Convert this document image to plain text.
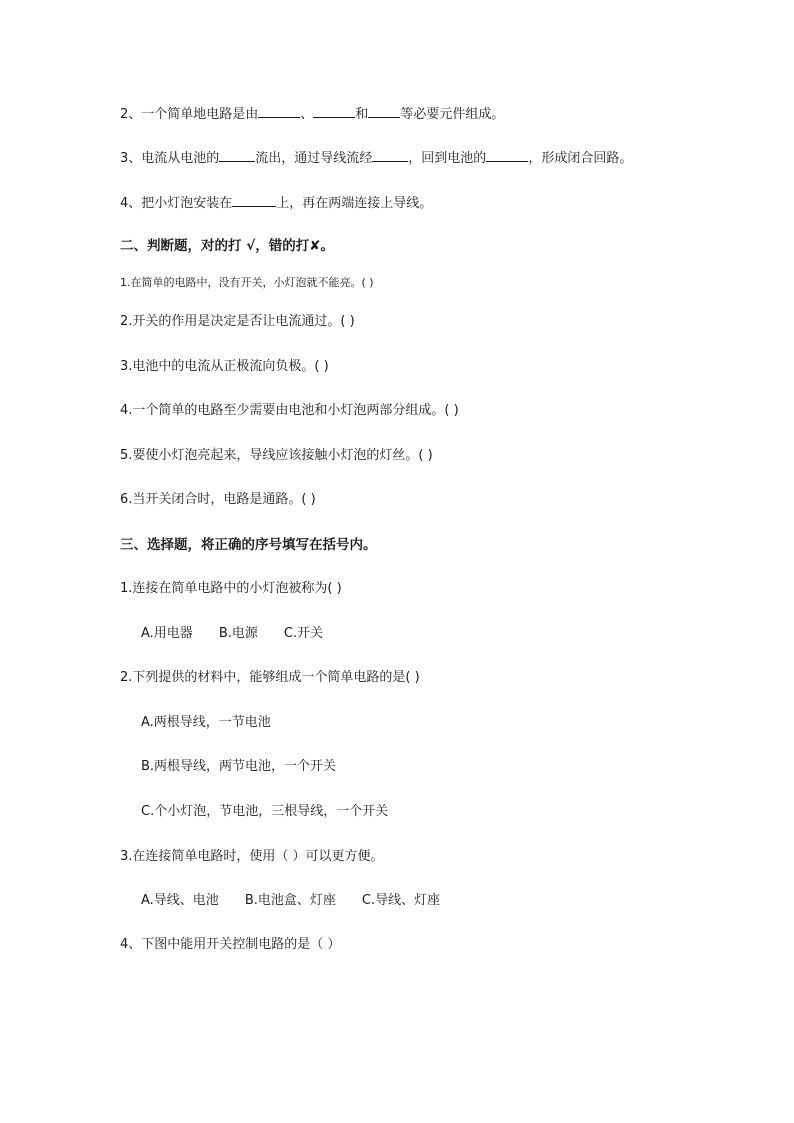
2、一个简单地电路是由	、	和 等必要元件组成。
3、电流从电池的	流出，通过导线流经	，回到电池的	，形成闭合回路。
4、把小灯泡安装在	上，再在两端连接上导线。
二、判断题，对的打 √，错的打✘。
1.在简单的电路中，没有开关，小灯泡就不能亮。( )
2.开关的作用是决定是否让电流通过。( )
3.电池中的电流从正极流向负极。( )
4.一个简单的电路至少需要由电池和小灯泡两部分组成。( )
5.要使小灯泡亮起来，导线应该接触小灯泡的灯丝。( )
6.当开关闭合时，电路是通路。( )
三、选择题，将正确的序号填写在括号内。
1.连接在简单电路中的小灯泡被称为( )
A.用电器 B.电源 C.开关
2.下列提供的材料中，能够组成一个简单电路的是( )
A.两根导线，一节电池
B.两根导线，两节电池，一个开关
C.个小灯泡，节电池，三根导线，一个开关
3.在连接简单电路时，使用（ ）可以更方便。
A.导线、电池 B.电池盒、灯座 C.导线、灯座
4、下图中能用开关控制电路的是（ ）
